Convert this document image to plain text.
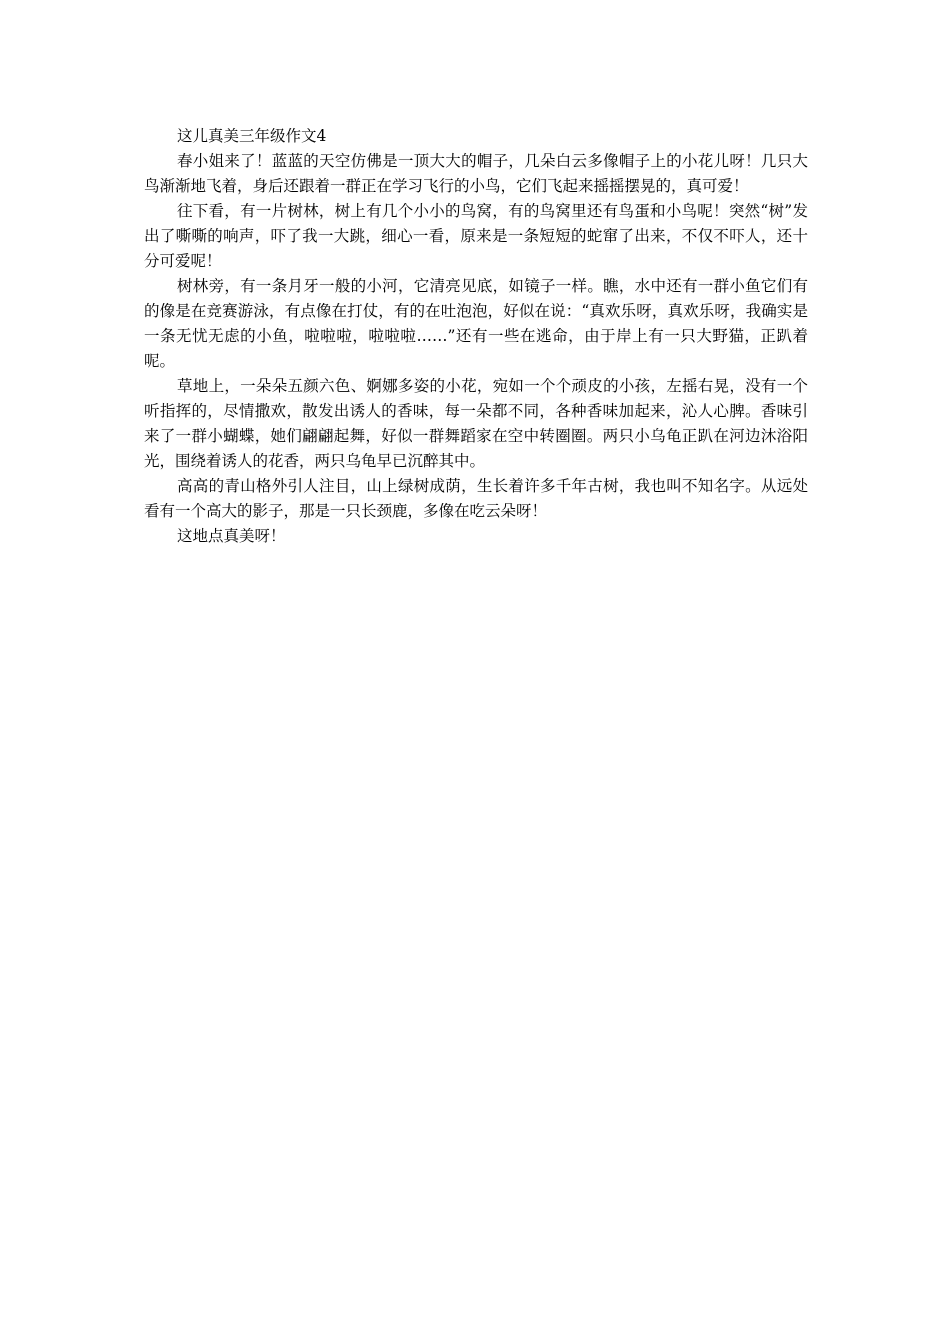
这儿真美三年级作文4

春小姐来了！蓝蓝的天空仿佛是一顶大大的帽子，几朵白云多像帽子上的小花儿呀！几只大鸟渐渐地飞着，身后还跟着一群正在学习飞行的小鸟，它们飞起来摇摇摆晃的，真可爱！

往下看，有一片树林，树上有几个小小的鸟窝，有的鸟窝里还有鸟蛋和小鸟呢！突然“树”发出了嘶嘶的响声，吓了我一大跳，细心一看，原来是一条短短的蛇窜了出来，不仅不吓人，还十分可爱呢！

树林旁，有一条月牙一般的小河，它清亮见底，如镜子一样。瞧，水中还有一群小鱼它们有的像是在竞赛游泳，有点像在打仗，有的在吐泡泡，好似在说：“真欢乐呀，真欢乐呀，我确实是一条无忧无虑的小鱼，啦啦啦，啦啦啦……”还有一些在逃命，由于岸上有一只大野猫，正趴着呢。

草地上，一朵朵五颜六色、婀娜多姿的小花，宛如一个个顽皮的小孩，左摇右晃，没有一个听指挥的，尽情撒欢，散发出诱人的香味，每一朵都不同，各种香味加起来，沁人心脾。香味引来了一群小蝴蝶，她们翩翩起舞，好似一群舞蹈家在空中转圈圈。两只小乌龟正趴在河边沐浴阳光，围绕着诱人的花香，两只乌龟早已沉醉其中。

高高的青山格外引人注目，山上绿树成荫，生长着许多千年古树，我也叫不知名字。从远处看有一个高大的影子，那是一只长颈鹿，多像在吃云朵呀！

这地点真美呀！
